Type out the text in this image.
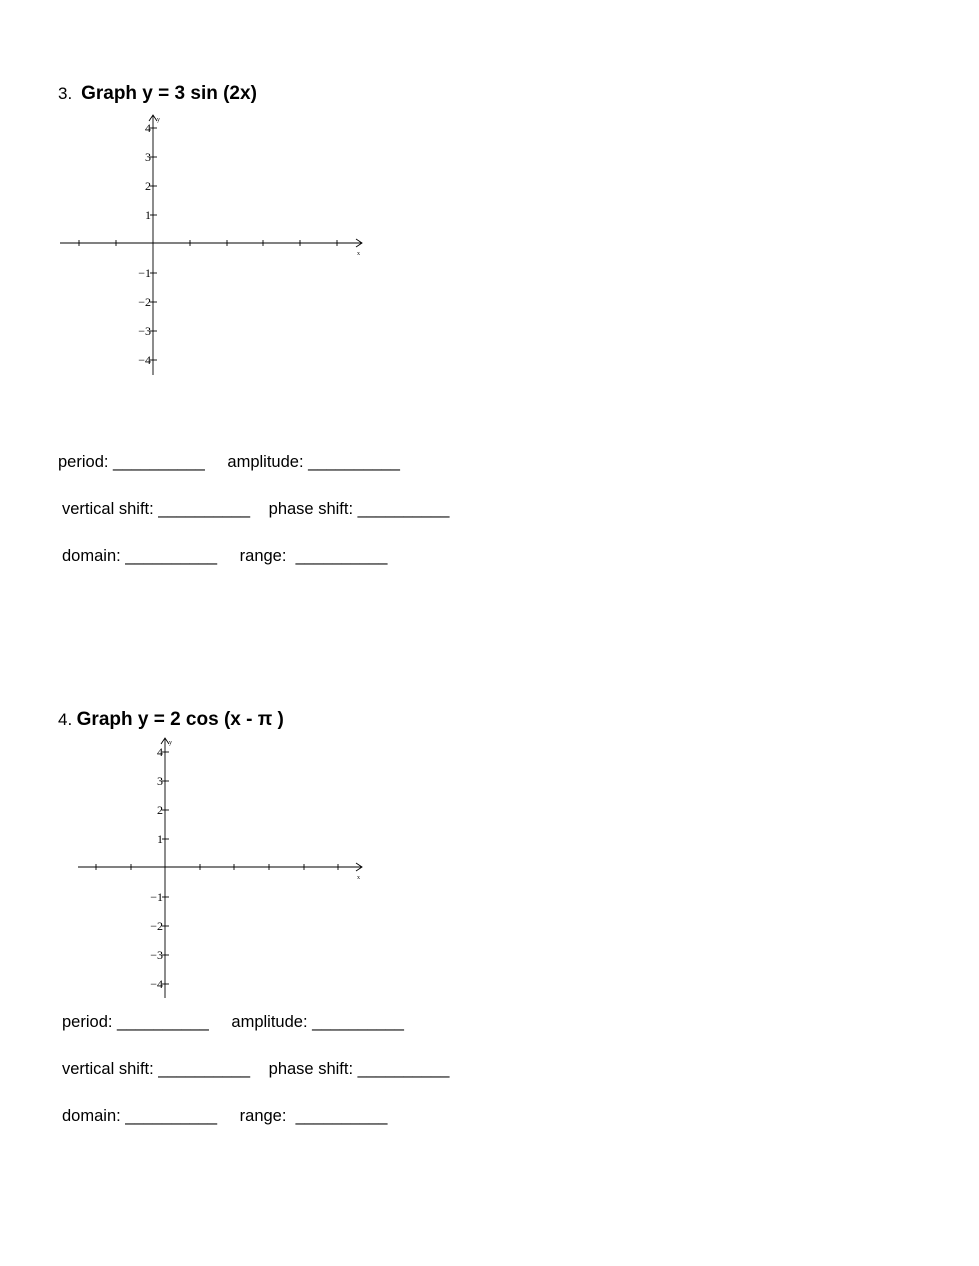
3. Graph y = 3 sin (2x)
y
x
4
3
2
1
−1
−2
−3
−4
period: __________ amplitude: __________
vertical shift: __________ phase shift: __________
domain: __________ range: __________
4. Graph y = 2 cos (x - π )
y
x
4
3
2
1
−1
−2
−3
−4
period: __________ amplitude: __________
vertical shift: __________ phase shift: __________
domain: __________ range: __________
